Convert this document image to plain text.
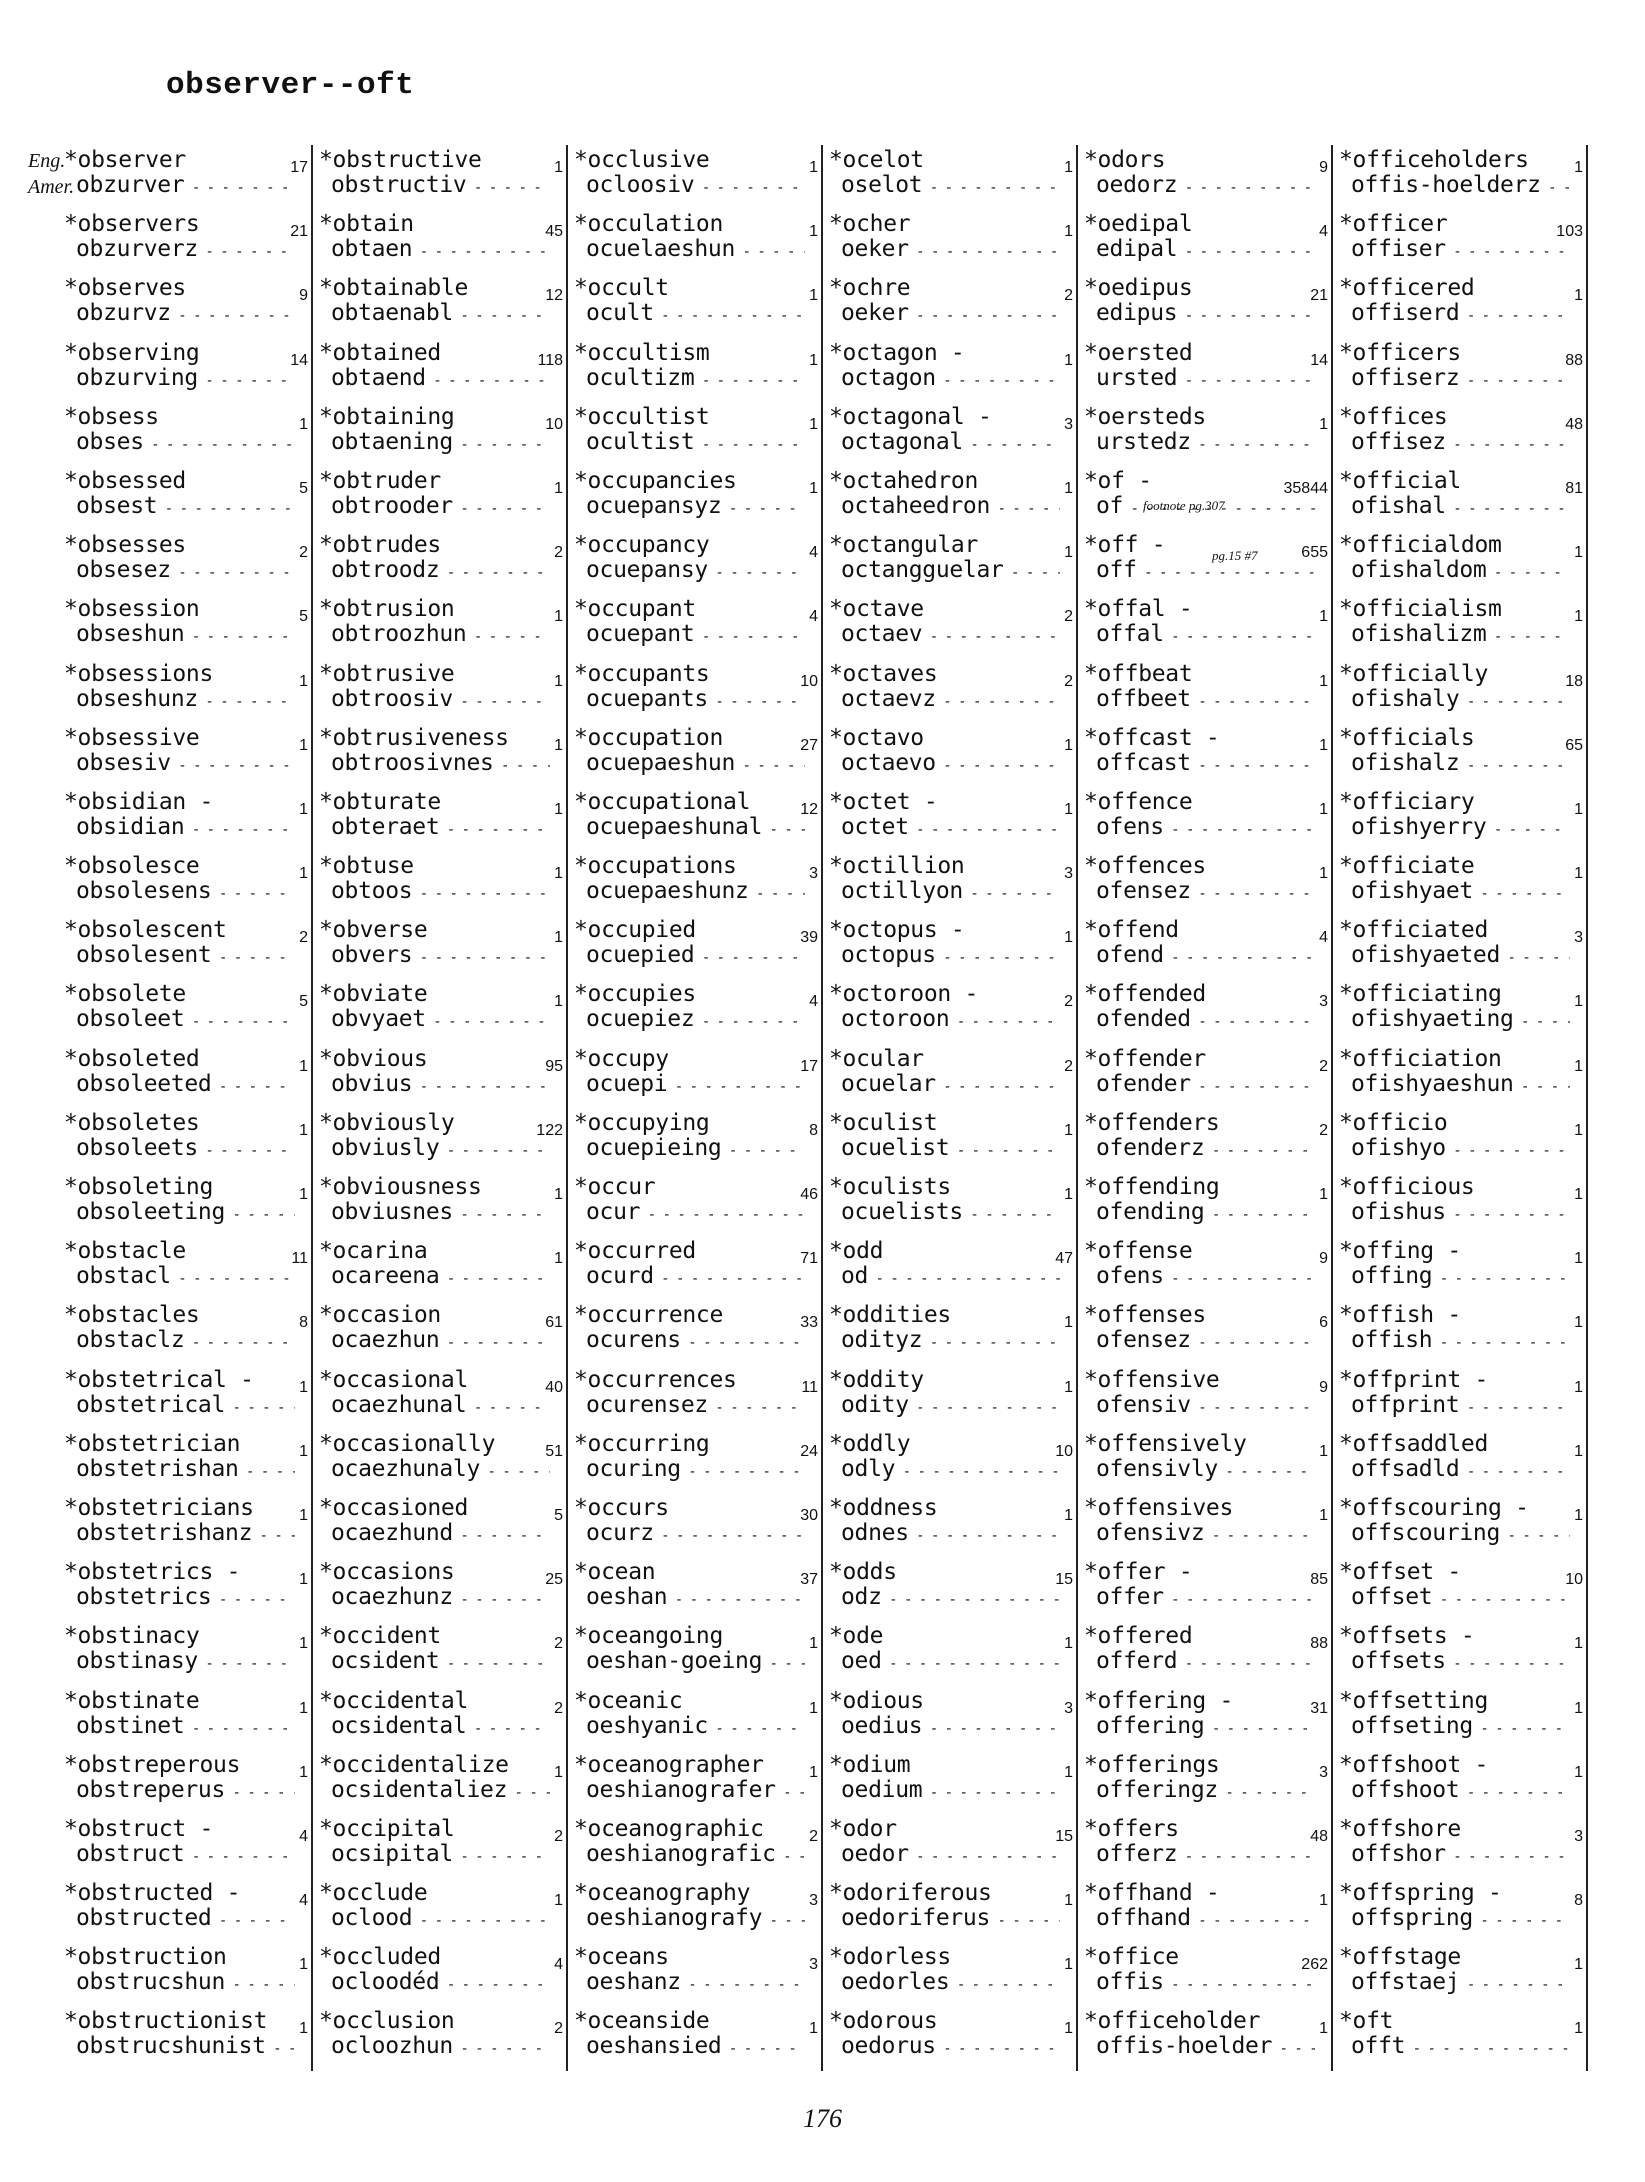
observer--oft
Eng.
Amer.
*observer
obzurver - - -
17
*observers
obzurverz - - -
21
*observes
obzurvz - - -
9
*observing
obzurving - - -
14
*obsess
obses - - -
1
*obsessed
obsest - - -
5
*obsesses
obsesez - - -
2
*obsession
obseshun - - -
5
*obsessions
obseshunz - - -
1
*obsessive
obsesiv - - -
1
*obsidian -
obsidian - - -
1
*obsolesce
obsolesens - - -
1
*obsolescent
obsolesent - - -
2
*obsolete
obsoleet - - -
5
*obsoleted
obsoleeted - - -
1
*obsoletes
obsoleets - - -
1
*obsoleting
obsoleeting - - -
1
*obstacle
obstacl - - -
11
*obstacles
obstaclz - - -
8
*obstetrical -
obstetrical - - -
1
*obstetrician
obstetrishan - - -
1
*obstetricians
obstetrishanz - - -
1
*obstetrics -
obstetrics - - -
1
*obstinacy
obstinasy - - -
1
*obstinate
obstinet - - -
1
*obstreperous
obstreperus - - -
1
*obstruct -
obstruct - - -
4
*obstructed -
obstructed - - -
4
*obstruction
obstrucshun - - -
1
*obstructionist
obstrucshunist - - -
1
*obstructive
obstructiv - - -
1
*obtain
obtaen - - -
45
*obtainable
obtaenabl - - -
12
*obtained
obtaend - - -
118
*obtaining
obtaening - - -
10
*obtruder
obtrooder - - -
1
*obtrudes
obtroodz - - -
2
*obtrusion
obtroozhun - - -
1
*obtrusive
obtroosiv - - -
1
*obtrusiveness
obtroosivnes - - -
1
*obturate
obteraet - - -
1
*obtuse
obtoos - - -
1
*obverse
obvers - - -
1
*obviate
obvyaet - - -
1
*obvious
obvius - - -
95
*obviously
obviusly - - -
122
*obviousness
obviusnes - - -
1
*ocarina
ocareena - - -
1
*occasion
ocaezhun - - -
61
*occasional
ocaezhunal - - -
40
*occasionally
ocaezhunaly - - -
51
*occasioned
ocaezhund - - -
5
*occasions
ocaezhunz - - -
25
*occident
ocsident - - -
2
*occidental
ocsidental - - -
2
*occidentalize
ocsidentaliez - - -
1
*occipital
ocsipital - - -
2
*occlude
oclood - - -
1
*occluded
ocloodéd - - -
4
*occlusion
ocloozhun - - -
2
*occlusive
ocloosiv - - -
1
*occulation
ocuelaeshun - - -
1
*occult
ocult - - -
1
*occultism
ocultizm - - -
1
*occultist
ocultist - - -
1
*occupancies
ocuepansyz - - -
1
*occupancy
ocuepansy - - -
4
*occupant
ocuepant - - -
4
*occupants
ocuepants - - -
10
*occupation
ocuepaeshun - - -
27
*occupational
ocuepaeshunal - - -
12
*occupations
ocuepaeshunz - - -
3
*occupied
ocuepied - - -
39
*occupies
ocuepiez - - -
4
*occupy
ocuepi - - -
17
*occupying
ocuepieing - - -
8
*occur
ocur - - -
46
*occurred
ocurd - - -
71
*occurrence
ocurens - - -
33
*occurrences
ocurensez - - -
11
*occurring
ocuring - - -
24
*occurs
ocurz - - -
30
*ocean
oeshan - - -
37
*oceangoing
oeshan-goeing - - -
1
*oceanic
oeshyanic - - -
1
*oceanographer
oeshianografer - - -
1
*oceanographic
oeshianografic - - -
2
*oceanography
oeshianografy - - -
3
*oceans
oeshanz - - -
3
*oceanside
oeshansied - - -
1
*ocelot
oselot - - -
1
*ocher
oeker - - -
1
*ochre
oeker - - -
2
*octagon -
octagon - - -
1
*octagonal -
octagonal - - -
3
*octahedron
octaheedron - - -
1
*octangular
octangguelar - - -
1
*octave
octaev - - -
2
*octaves
octaevz - - -
2
*octavo
octaevo - - -
1
*octet -
octet - - -
1
*octillion
octillyon - - -
3
*octopus -
octopus - - -
1
*octoroon -
octoroon - - -
2
*ocular
ocuelar - - -
2
*oculist
ocuelist - - -
1
*oculists
ocuelists - - -
1
*odd
od - - -
47
*oddities
odityz - - -
1
*oddity
odity - - -
1
*oddly
odly - - -
10
*oddness
odnes - - -
1
*odds
odz - - -
15
*ode
oed - - -
1
*odious
oedius - - -
3
*odium
oedium - - -
1
*odor
oedor - - -
15
*odoriferous
oedoriferus - - -
1
*odorless
oedorles - - -
1
*odorous
oedorus - - -
1
*odors
oedorz - - -
9
*oedipal
edipal - - -
4
*oedipus
edipus - - -
21
*oersted
ursted - - -
14
*oersteds
urstedz - - -
1
*of -
of - - -
35844
*off -
off - - -
655
*offal -
offal - - -
1
*offbeat
offbeet - - -
1
*offcast -
offcast - - -
1
*offence
ofens - - -
1
*offences
ofensez - - -
1
*offend
ofend - - -
4
*offended
ofended - - -
3
*offender
ofender - - -
2
*offenders
ofenderz - - -
2
*offending
ofending - - -
1
*offense
ofens - - -
9
*offenses
ofensez - - -
6
*offensive
ofensiv - - -
9
*offensively
ofensivly - - -
1
*offensives
ofensivz - - -
1
*offer -
offer - - -
85
*offered
offerd - - -
88
*offering -
offering - - -
31
*offerings
offeringz - - -
3
*offers
offerz - - -
48
*offhand -
offhand - - -
1
*office
offis - - -
262
*officeholder
offis-hoelder - - -
1
*officeholders
offis-hoelderz - - -
1
*officer
offiser - - -
103
*officered
offiserd - - -
1
*officers
offiserz - - -
88
*offices
offisez - - -
48
*official
ofishal - - -
81
*officialdom
ofishaldom - - -
1
*officialism
ofishalizm - - -
1
*officially
ofishaly - - -
18
*officials
ofishalz - - -
65
*officiary
ofishyerry - - -
1
*officiate
ofishyaet - - -
1
*officiated
ofishyaeted - - -
3
*officiating
ofishyaeting - - -
1
*officiation
ofishyaeshun - - -
1
*officio
ofishyo - - -
1
*officious
ofishus - - -
1
*offing -
offing - - -
1
*offish -
offish - - -
1
*offprint -
offprint - - -
1
*offsaddled
offsadld - - -
1
*offscouring -
offscouring - - -
1
*offset -
offset - - -
10
*offsets -
offsets - - -
1
*offsetting
offseting - - -
1
*offshoot -
offshoot - - -
1
*offshore
offshor - - -
3
*offspring -
offspring - - -
8
*offstage
offstaej - - -
1
*oft
offt - - -
1
footnote pg.307
pg.15 #7
176
